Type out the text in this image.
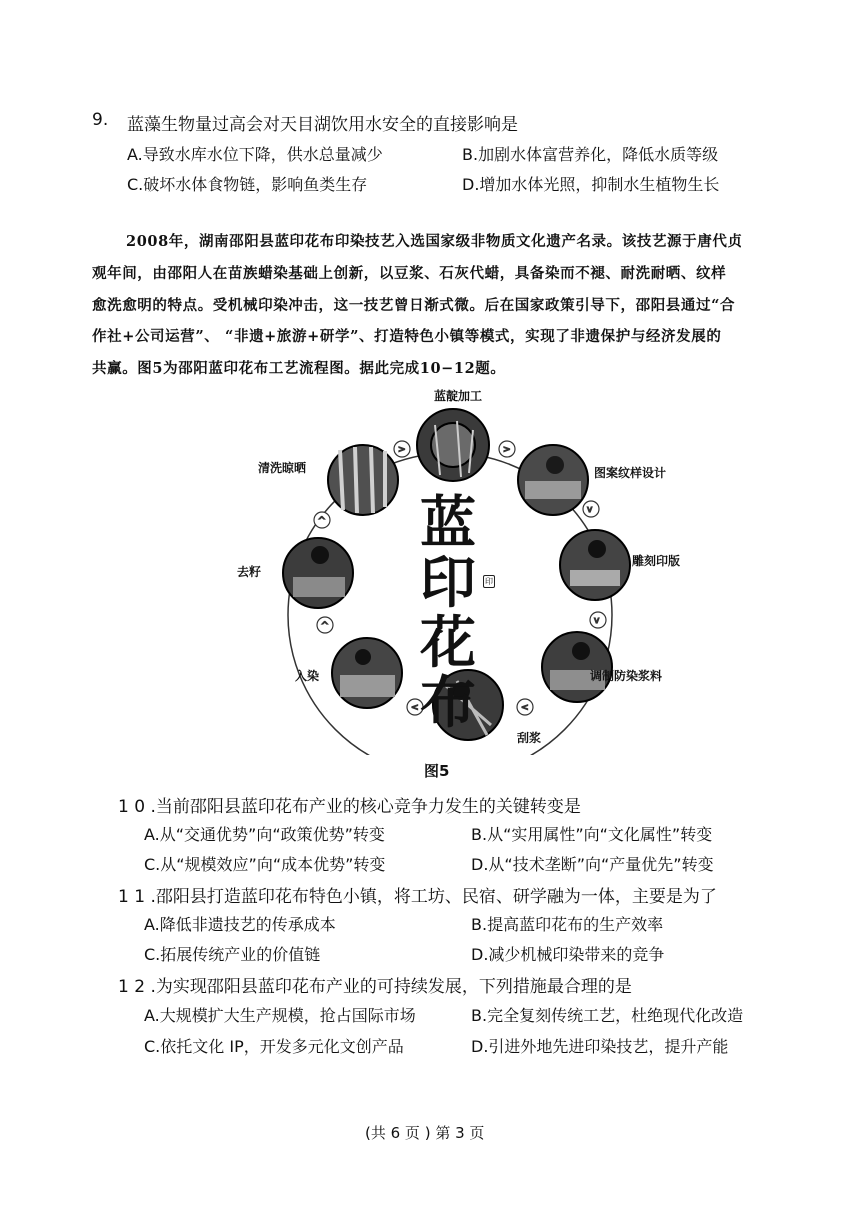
9. 蓝藻生物量过高会对天目湖饮用水安全的直接影响是
A.导致水库水位下降，供水总量减少	B.加剧水体富营养化，降低水质等级
C.破坏水体食物链，影响鱼类生存	D.增加水体光照，抑制水生植物生长
2008年，湖南邵阳县蓝印花布印染技艺入选国家级非物质文化遗产名录。该技艺源于唐代贞
观年间，由邵阳人在苗族蜡染基础上创新，以豆浆、石灰代蜡，具备染而不褪、耐洗耐晒、纹样
愈洗愈明的特点。受机械印染冲击，这一技艺曾日渐式微。后在国家政策引导下，邵阳县通过“合
作社+公司运营”、 “非遗+旅游+研学”、打造特色小镇等模式，实现了非遗保护与经济发展的
共赢。图5为邵阳蓝印花布工艺流程图。据此完成10−12题。
>	>
v
v
<
<
^
^
蓝靛加工
图案纹样设计
雕刻印版
调制防染浆料
刮浆
入染
去籽
清洗晾晒
蓝
印
花
布
印
图5
1 0 .当前邵阳县蓝印花布产业的核心竞争力发生的关键转变是
A.从“交通优势”向“政策优势”转变	B.从“实用属性”向“文化属性”转变
C.从“规模效应”向“成本优势”转变	D.从“技术垄断”向“产量优先”转变
1 1 .邵阳县打造蓝印花布特色小镇，将工坊、民宿、研学融为一体，主要是为了
A.降低非遗技艺的传承成本	B.提高蓝印花布的生产效率
C.拓展传统产业的价值链	D.减少机械印染带来的竞争
1 2 .为实现邵阳县蓝印花布产业的可持续发展，下列措施最合理的是
A.大规模扩大生产规模，抢占国际市场	B.完全复刻传统工艺，杜绝现代化改造
C.依托文化 IP，开发多元化文创产品	D.引进外地先进印染技艺，提升产能
(共 6 页 ) 第 3 页
